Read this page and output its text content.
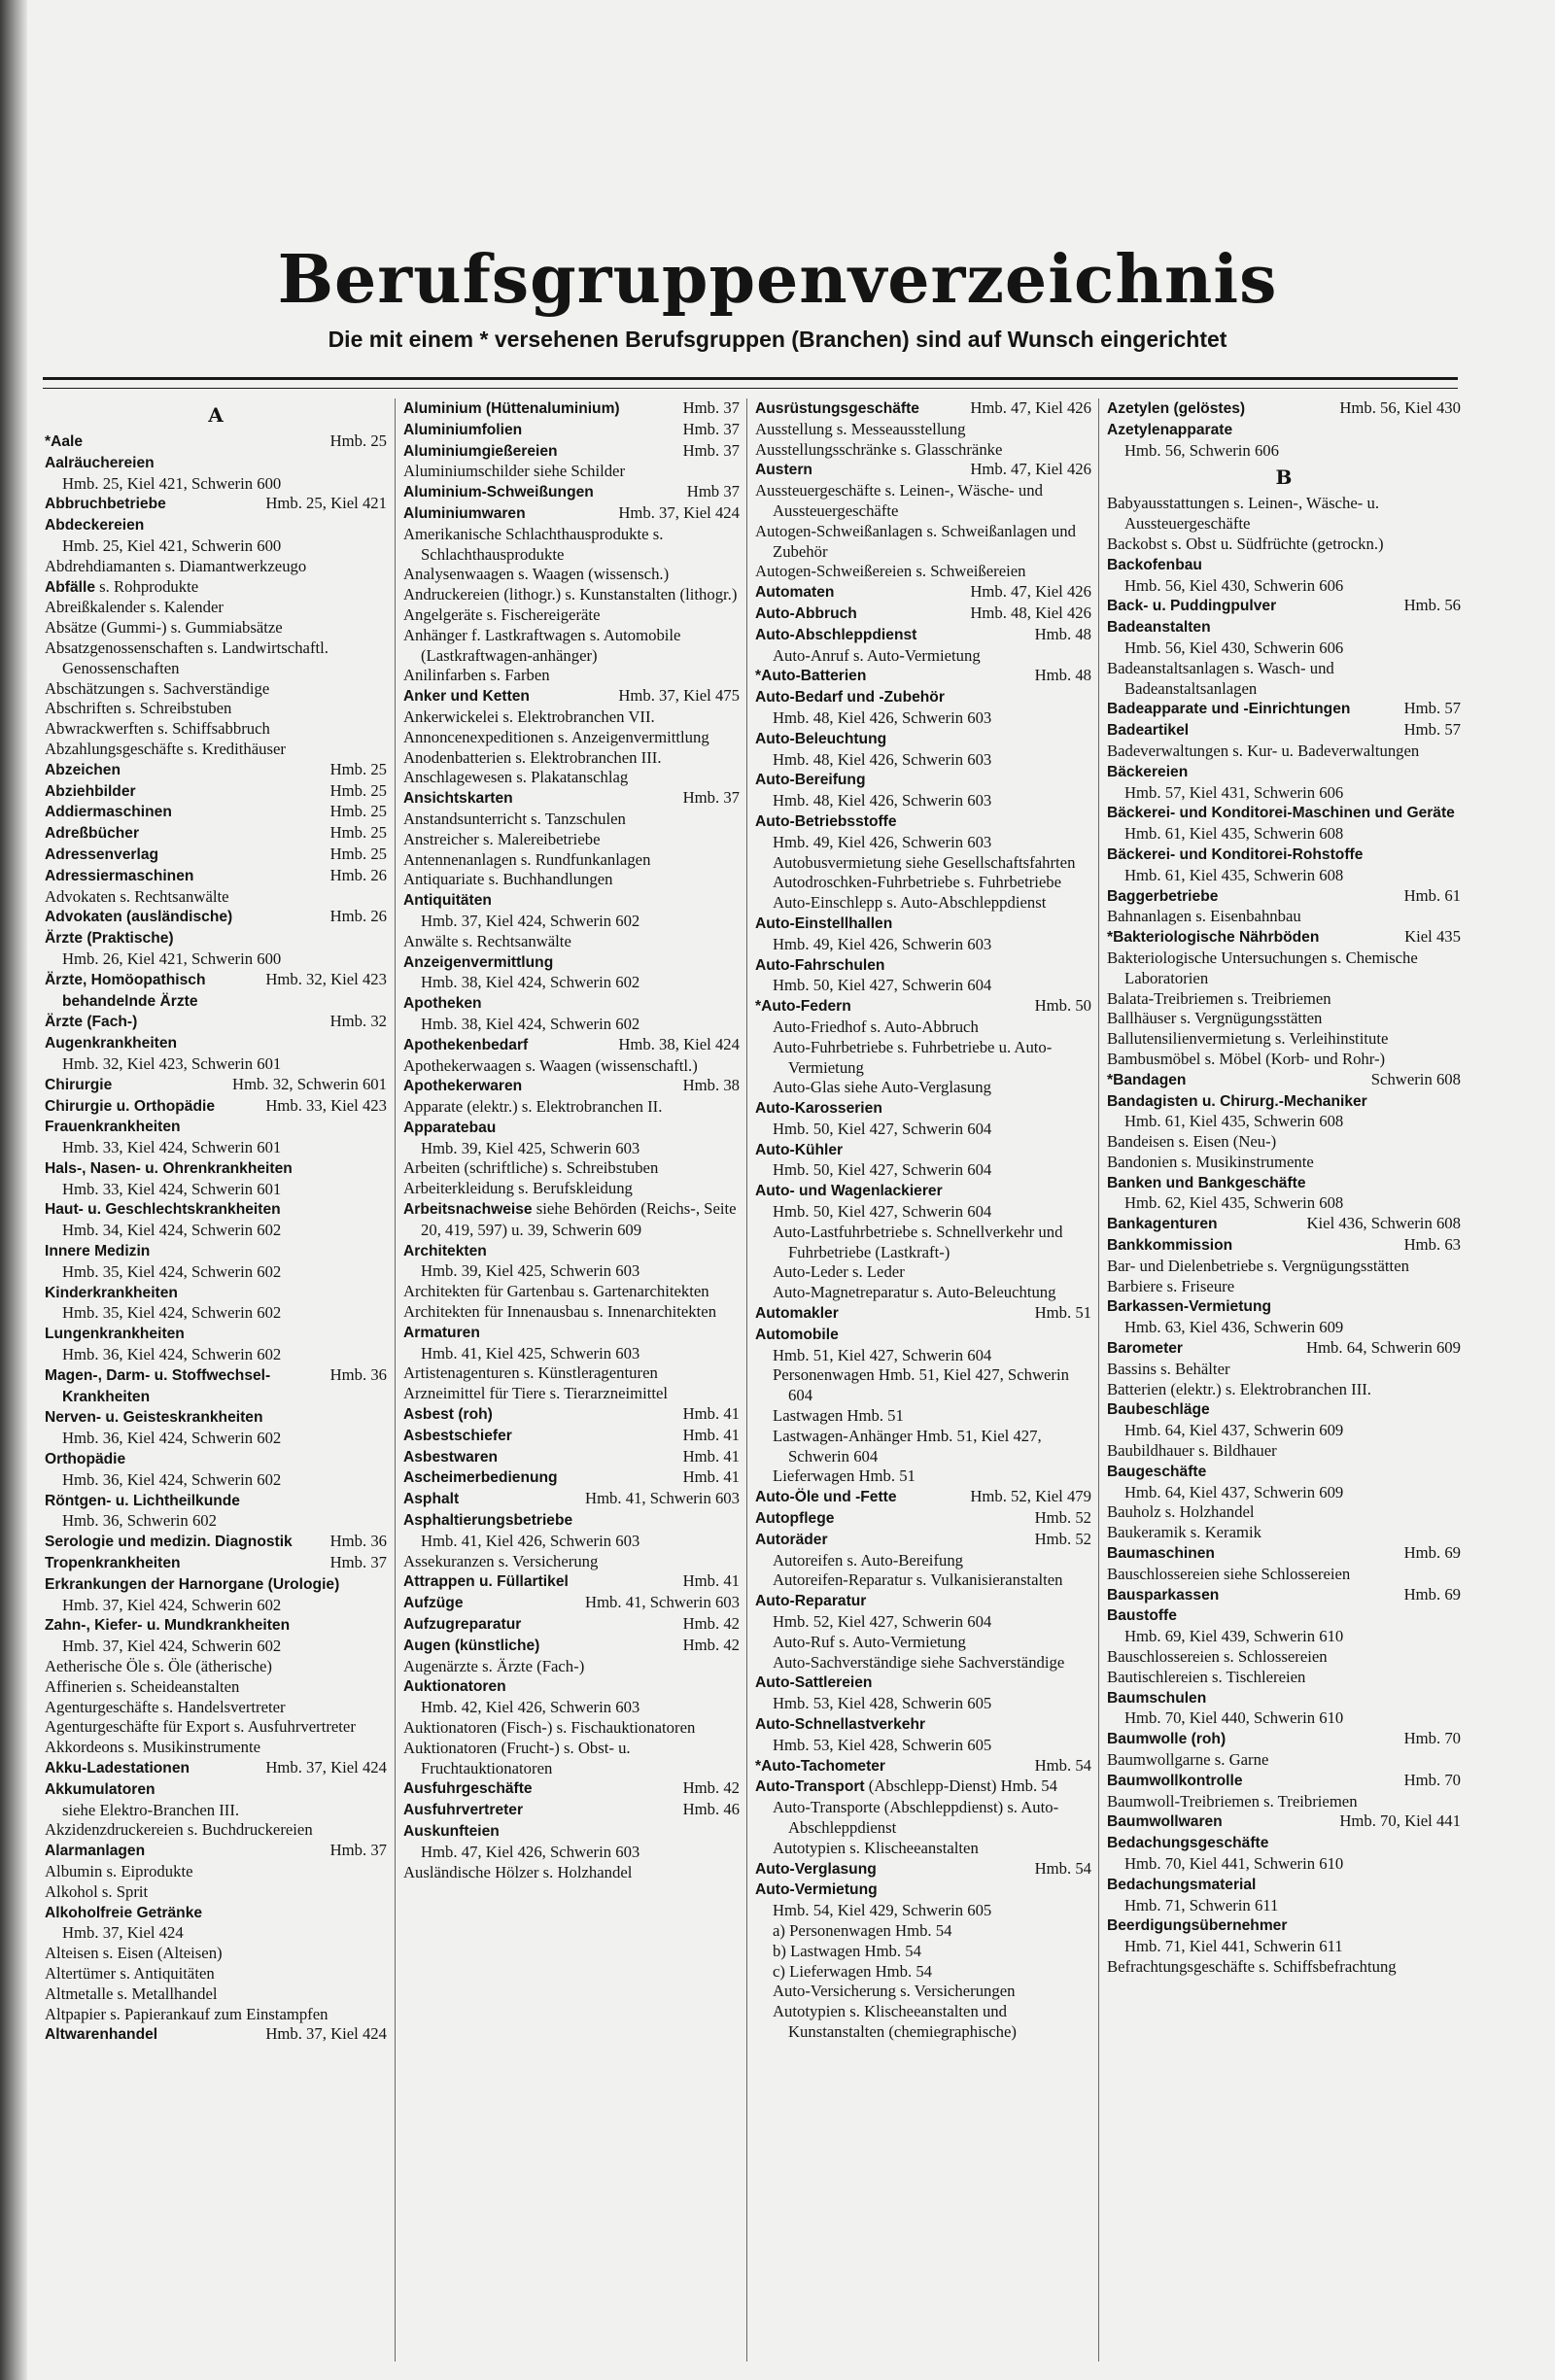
Berufsgruppenverzeichnis

Die mit einem * versehenen Berufsgruppen (Branchen) sind auf Wunsch eingerichtet

A
Hmb. 25
*Aale
Aalräuchereien
Hmb. 25, Kiel 421, Schwerin 600
Hmb. 25, Kiel 421
Abbruchbetriebe
Abdeckereien
Hmb. 25, Kiel 421, Schwerin 600
Abdrehdiamanten s. Diamantwerkzeugo
Abfälle s. Rohprodukte
Abreißkalender s. Kalender
Absätze (Gummi-) s. Gummiabsätze
Absatzgenossenschaften s. Landwirtschaftl. Genossenschaften
Abschätzungen s. Sachverständige
Abschriften s. Schreibstuben
Abwrackwerften s. Schiffsabbruch
Abzahlungsgeschäfte s. Kredithäuser
Hmb. 25
Abzeichen
Hmb. 25
Abziehbilder
Hmb. 25
Addiermaschinen
Hmb. 25
Adreßbücher
Hmb. 25
Adressenverlag
Hmb. 26
Adressiermaschinen
Advokaten s. Rechtsanwälte
Hmb. 26
Advokaten (ausländische)
Ärzte (Praktische)
Hmb. 26, Kiel 421, Schwerin 600
Hmb. 32, Kiel 423
Ärzte, Homöopathisch behandelnde Ärzte
Hmb. 32
Ärzte (Fach-)
Augenkrankheiten
Hmb. 32, Kiel 423, Schwerin 601
Hmb. 32, Schwerin 601
Chirurgie
Hmb. 33, Kiel 423
Chirurgie u. Orthopädie
Frauenkrankheiten
Hmb. 33, Kiel 424, Schwerin 601
Hals-, Nasen- u. Ohrenkrankheiten
Hmb. 33, Kiel 424, Schwerin 601
Haut- u. Geschlechtskrankheiten
Hmb. 34, Kiel 424, Schwerin 602
Innere Medizin
Hmb. 35, Kiel 424, Schwerin 602
Kinderkrankheiten
Hmb. 35, Kiel 424, Schwerin 602
Lungenkrankheiten
Hmb. 36, Kiel 424, Schwerin 602
Hmb. 36
Magen-, Darm- u. Stoffwechsel-Krankheiten
Nerven- u. Geisteskrankheiten
Hmb. 36, Kiel 424, Schwerin 602
Orthopädie
Hmb. 36, Kiel 424, Schwerin 602
Röntgen- u. Lichtheilkunde
Hmb. 36, Schwerin 602
Hmb. 36
Serologie und medizin. Diagnostik
Hmb. 37
Tropenkrankheiten
Erkrankungen der Harnorgane (Urologie)
Hmb. 37, Kiel 424, Schwerin 602
Zahn-, Kiefer- u. Mundkrankheiten
Hmb. 37, Kiel 424, Schwerin 602
Aetherische Öle s. Öle (ätherische)
Affinerien s. Scheideanstalten
Agenturgeschäfte s. Handelsvertreter
Agenturgeschäfte für Export s. Ausfuhrvertreter
Akkordeons s. Musikinstrumente
Hmb. 37, Kiel 424
Akku-Ladestationen
Akkumulatoren
siehe Elektro-Branchen III.
Akzidenzdruckereien s. Buchdruckereien
Hmb. 37
Alarmanlagen
Albumin s. Eiprodukte
Alkohol s. Sprit
Alkoholfreie Getränke
Hmb. 37, Kiel 424
Alteisen s. Eisen (Alteisen)
Altertümer s. Antiquitäten
Altmetalle s. Metallhandel
Altpapier s. Papierankauf zum Einstampfen
Hmb. 37, Kiel 424
Altwarenhandel
Hmb. 37
Aluminium (Hüttenaluminium)
Hmb. 37
Aluminiumfolien
Hmb. 37
Aluminiumgießereien
Aluminiumschilder siehe Schilder
Hmb 37
Aluminium-Schweißungen
Hmb. 37, Kiel 424
Aluminiumwaren
Amerikanische Schlachthausprodukte s. Schlachthausprodukte
Analysenwaagen s. Waagen (wissensch.)
Andruckereien (lithogr.) s. Kunstanstalten (lithogr.)
Angelgeräte s. Fischereigeräte
Anhänger f. Lastkraftwagen s. Automobile (Lastkraftwagen-anhänger)
Anilinfarben s. Farben
Hmb. 37, Kiel 475
Anker und Ketten
Ankerwickelei s. Elektrobranchen VII.
Annoncenexpeditionen s. Anzeigenvermittlung
Anodenbatterien s. Elektrobranchen III.
Anschlagewesen s. Plakatanschlag
Hmb. 37
Ansichtskarten
Anstandsunterricht s. Tanzschulen
Anstreicher s. Malereibetriebe
Antennenanlagen s. Rundfunkanlagen
Antiquariate s. Buchhandlungen
Antiquitäten
Hmb. 37, Kiel 424, Schwerin 602
Anwälte s. Rechtsanwälte
Anzeigenvermittlung
Hmb. 38, Kiel 424, Schwerin 602
Apotheken
Hmb. 38, Kiel 424, Schwerin 602
Hmb. 38, Kiel 424
Apothekenbedarf
Apothekerwaagen s. Waagen (wissenschaftl.)
Hmb. 38
Apothekerwaren
Apparate (elektr.) s. Elektrobranchen II.
Apparatebau
Hmb. 39, Kiel 425, Schwerin 603
Arbeiten (schriftliche) s. Schreibstuben
Arbeiterkleidung s. Berufskleidung
Arbeitsnachweise siehe Behörden (Reichs-, Seite 20, 419, 597) u. 39, Schwerin 609
Architekten
Hmb. 39, Kiel 425, Schwerin 603
Architekten für Gartenbau s. Gartenarchitekten
Architekten für Innenausbau s. Innenarchitekten
Armaturen
Hmb. 41, Kiel 425, Schwerin 603
Artistenagenturen s. Künstleragenturen
Arzneimittel für Tiere s. Tierarzneimittel
Hmb. 41
Asbest (roh)
Hmb. 41
Asbestschiefer
Hmb. 41
Asbestwaren
Hmb. 41
Ascheimerbedienung
Hmb. 41, Schwerin 603
Asphalt
Asphaltierungsbetriebe
Hmb. 41, Kiel 426, Schwerin 603
Assekuranzen s. Versicherung
Hmb. 41
Attrappen u. Füllartikel
Hmb. 41, Schwerin 603
Aufzüge
Hmb. 42
Aufzugreparatur
Hmb. 42
Augen (künstliche)
Augenärzte s. Ärzte (Fach-)
Auktionatoren
Hmb. 42, Kiel 426, Schwerin 603
Auktionatoren (Fisch-) s. Fischauktionatoren
Auktionatoren (Frucht-) s. Obst- u. Fruchtauktionatoren
Hmb. 42
Ausfuhrgeschäfte
Hmb. 46
Ausfuhrvertreter
Auskunfteien
Hmb. 47, Kiel 426, Schwerin 603
Ausländische Hölzer s. Holzhandel
Hmb. 47, Kiel 426
Ausrüstungsgeschäfte
Ausstellung s. Messeausstellung
Ausstellungsschränke s. Glasschränke
Hmb. 47, Kiel 426
Austern
Aussteuergeschäfte s. Leinen-, Wäsche- und Aussteuergeschäfte
Autogen-Schweißanlagen s. Schweißanlagen und Zubehör
Autogen-Schweißereien s. Schweißereien
Hmb. 47, Kiel 426
Automaten
Hmb. 48, Kiel 426
Auto-Abbruch
Hmb. 48
Auto-Abschleppdienst
Auto-Anruf s. Auto-Vermietung
Hmb. 48
*Auto-Batterien
Auto-Bedarf und -Zubehör
Hmb. 48, Kiel 426, Schwerin 603
Auto-Beleuchtung
Hmb. 48, Kiel 426, Schwerin 603
Auto-Bereifung
Hmb. 48, Kiel 426, Schwerin 603
Auto-Betriebsstoffe
Hmb. 49, Kiel 426, Schwerin 603
Autobusvermietung siehe Gesellschaftsfahrten
Autodroschken-Fuhrbetriebe s. Fuhrbetriebe
Auto-Einschlepp s. Auto-Abschleppdienst
Auto-Einstellhallen
Hmb. 49, Kiel 426, Schwerin 603
Auto-Fahrschulen
Hmb. 50, Kiel 427, Schwerin 604
Hmb. 50
*Auto-Federn
Auto-Friedhof s. Auto-Abbruch
Auto-Fuhrbetriebe s. Fuhrbetriebe u. Auto-Vermietung
Auto-Glas siehe Auto-Verglasung
Auto-Karosserien
Hmb. 50, Kiel 427, Schwerin 604
Auto-Kühler
Hmb. 50, Kiel 427, Schwerin 604
Auto- und Wagenlackierer
Hmb. 50, Kiel 427, Schwerin 604
Auto-Lastfuhrbetriebe s. Schnellverkehr und Fuhrbetriebe (Lastkraft-)
Auto-Leder s. Leder
Auto-Magnetreparatur s. Auto-Beleuchtung
Hmb. 51
Automakler
Automobile
Hmb. 51, Kiel 427, Schwerin 604
Personenwagen Hmb. 51, Kiel 427, Schwerin 604
Lastwagen Hmb. 51
Lastwagen-Anhänger Hmb. 51, Kiel 427, Schwerin 604
Lieferwagen Hmb. 51
Hmb. 52, Kiel 479
Auto-Öle und -Fette
Hmb. 52
Autopflege
Hmb. 52
Autoräder
Autoreifen s. Auto-Bereifung
Autoreifen-Reparatur s. Vulkanisieranstalten
Auto-Reparatur
Hmb. 52, Kiel 427, Schwerin 604
Auto-Ruf s. Auto-Vermietung
Auto-Sachverständige siehe Sachverständige
Auto-Sattlereien
Hmb. 53, Kiel 428, Schwerin 605
Auto-Schnellastverkehr
Hmb. 53, Kiel 428, Schwerin 605
Hmb. 54
*Auto-Tachometer
Auto-Transport (Abschlepp-Dienst) Hmb. 54
Auto-Transporte (Abschleppdienst) s. Auto-Abschleppdienst
Autotypien s. Klischeeanstalten
Hmb. 54
Auto-Verglasung
Auto-Vermietung
Hmb. 54, Kiel 429, Schwerin 605
a) Personenwagen Hmb. 54
b) Lastwagen Hmb. 54
c) Lieferwagen Hmb. 54
Auto-Versicherung s. Versicherungen
Autotypien s. Klischeeanstalten und Kunstanstalten (chemiegraphische)
Hmb. 56, Kiel 430
Azetylen (gelöstes)
Azetylenapparate
Hmb. 56, Schwerin 606
B
Babyausstattungen s. Leinen-, Wäsche- u. Aussteuergeschäfte
Backobst s. Obst u. Südfrüchte (getrockn.)
Backofenbau
Hmb. 56, Kiel 430, Schwerin 606
Hmb. 56
Back- u. Puddingpulver
Badeanstalten
Hmb. 56, Kiel 430, Schwerin 606
Badeanstaltsanlagen s. Wasch- und Badeanstaltsanlagen
Hmb. 57
Badeapparate und -Einrichtungen
Hmb. 57
Badeartikel
Badeverwaltungen s. Kur- u. Badeverwaltungen
Bäckereien
Hmb. 57, Kiel 431, Schwerin 606
Bäckerei- und Konditorei-Maschinen und Geräte
Hmb. 61, Kiel 435, Schwerin 608
Bäckerei- und Konditorei-Rohstoffe
Hmb. 61, Kiel 435, Schwerin 608
Hmb. 61
Baggerbetriebe
Bahnanlagen s. Eisenbahnbau
Kiel 435
*Bakteriologische Nährböden
Bakteriologische Untersuchungen s. Chemische Laboratorien
Balata-Treibriemen s. Treibriemen
Ballhäuser s. Vergnügungsstätten
Ballutensilienvermietung s. Verleihinstitute
Bambusmöbel s. Möbel (Korb- und Rohr-)
Schwerin 608
*Bandagen
Bandagisten u. Chirurg.-Mechaniker
Hmb. 61, Kiel 435, Schwerin 608
Bandeisen s. Eisen (Neu-)
Bandonien s. Musikinstrumente
Banken und Bankgeschäfte
Hmb. 62, Kiel 435, Schwerin 608
Kiel 436, Schwerin 608
Bankagenturen
Hmb. 63
Bankkommission
Bar- und Dielenbetriebe s. Vergnügungsstätten
Barbiere s. Friseure
Barkassen-Vermietung
Hmb. 63, Kiel 436, Schwerin 609
Hmb. 64, Schwerin 609
Barometer
Bassins s. Behälter
Batterien (elektr.) s. Elektrobranchen III.
Baubeschläge
Hmb. 64, Kiel 437, Schwerin 609
Baubildhauer s. Bildhauer
Baugeschäfte
Hmb. 64, Kiel 437, Schwerin 609
Bauholz s. Holzhandel
Baukeramik s. Keramik
Hmb. 69
Baumaschinen
Bauschlossereien siehe Schlossereien
Hmb. 69
Bausparkassen
Baustoffe
Hmb. 69, Kiel 439, Schwerin 610
Bauschlossereien s. Schlossereien
Bautischlereien s. Tischlereien
Baumschulen
Hmb. 70, Kiel 440, Schwerin 610
Hmb. 70
Baumwolle (roh)
Baumwollgarne s. Garne
Hmb. 70
Baumwollkontrolle
Baumwoll-Treibriemen s. Treibriemen
Hmb. 70, Kiel 441
Baumwollwaren
Bedachungsgeschäfte
Hmb. 70, Kiel 441, Schwerin 610
Bedachungsmaterial
Hmb. 71, Schwerin 611
Beerdigungsübernehmer
Hmb. 71, Kiel 441, Schwerin 611
Befrachtungsgeschäfte s. Schiffsbefrachtung
